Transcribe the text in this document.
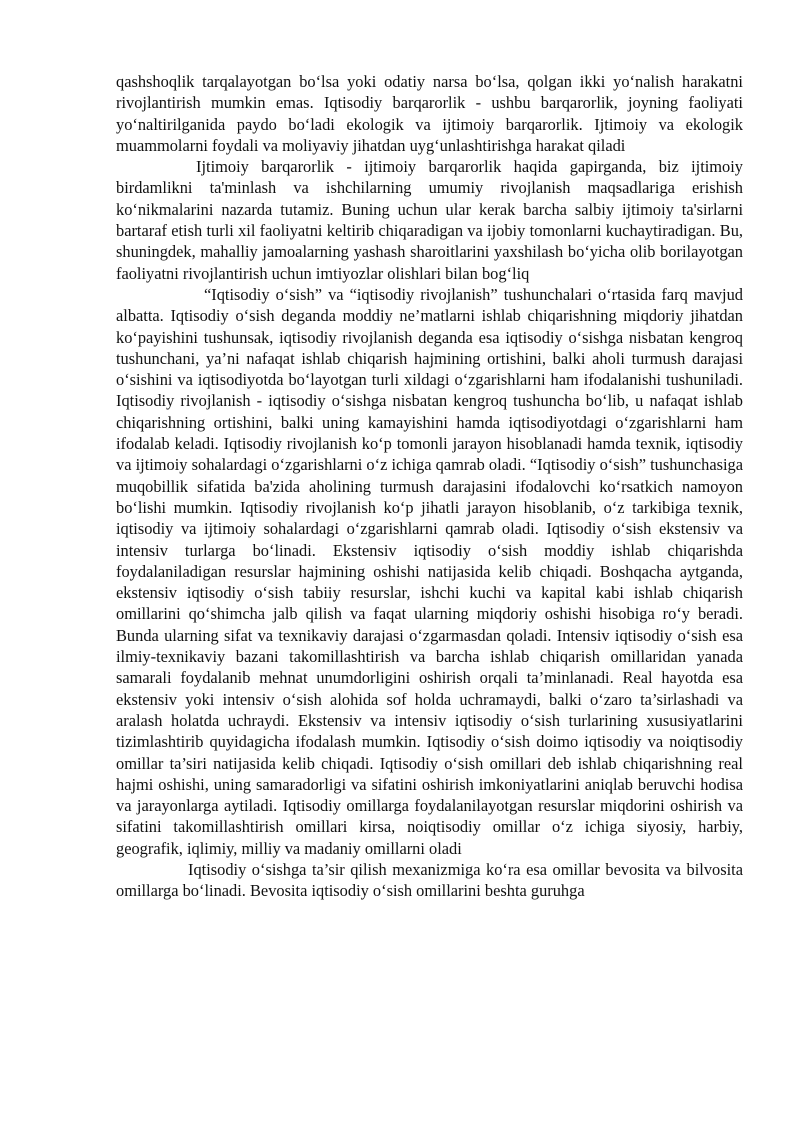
qashshoqlik tarqalayotgan bo‘lsa yoki odatiy narsa bo‘lsa, qolgan ikki yo‘nalish harakatni rivojlantirish mumkin emas. Iqtisodiy barqarorlik - ushbu barqarorlik, joyning faoliyati yo‘naltirilganida paydo bo‘ladi ekologik va ijtimoiy barqarorlik. Ijtimoiy va ekologik muammolarni foydali va moliyaviy jihatdan uyg‘unlashtirishga harakat qiladi

Ijtimoiy barqarorlik - ijtimoiy barqarorlik haqida gapirganda, biz ijtimoiy birdamlikni ta'minlash va ishchilarning umumiy rivojlanish maqsadlariga erishish ko‘nikmalarini nazarda tutamiz. Buning uchun ular kerak barcha salbiy ijtimoiy ta'sirlarni bartaraf etish turli xil faoliyatni keltirib chiqaradigan va ijobiy tomonlarni kuchaytiradigan. Bu, shuningdek, mahalliy jamoalarning yashash sharoitlarini yaxshilash bo‘yicha olib borilayotgan faoliyatni rivojlantirish uchun imtiyozlar olishlari bilan bog‘liq

“Iqtisodiy o‘sish” va “iqtisodiy rivojlanish” tushunchalari o‘rtasida farq mavjud albatta. Iqtisodiy o‘sish deganda moddiy ne’matlarni ishlab chiqarishning miqdoriy jihatdan ko‘payishini tushunsak, iqtisodiy rivojlanish deganda esa iqtisodiy o‘sishga nisbatan kengroq tushunchani, ya’ni nafaqat ishlab chiqarish hajmining ortishini, balki aholi turmush darajasi o‘sishini va iqtisodiyotda bo‘layotgan turli xildagi o‘zgarishlarni ham ifodalanishi tushuniladi. Iqtisodiy rivojlanish - iqtisodiy o‘sishga nisbatan kengroq tushuncha bo‘lib, u nafaqat ishlab chiqarishning ortishini, balki uning kamayishini hamda iqtisodiyotdagi o‘zgarishlarni ham ifodalab keladi. Iqtisodiy rivojlanish ko‘p tomonli jarayon hisoblanadi hamda texnik, iqtisodiy va ijtimoiy sohalardagi o‘zgarishlarni o‘z ichiga qamrab oladi. “Iqtisodiy o‘sish” tushunchasiga muqobillik sifatida ba'zida aholining turmush darajasini ifodalovchi ko‘rsatkich namoyon bo‘lishi mumkin. Iqtisodiy rivojlanish ko‘p jihatli jarayon hisoblanib, o‘z tarkibiga texnik, iqtisodiy va ijtimoiy sohalardagi o‘zgarishlarni qamrab oladi. Iqtisodiy o‘sish ekstensiv va intensiv turlarga bo‘linadi. Ekstensiv iqtisodiy o‘sish moddiy ishlab chiqarishda foydalaniladigan resurslar hajmining oshishi natijasida kelib chiqadi. Boshqacha aytganda, ekstensiv iqtisodiy o‘sish tabiiy resurslar, ishchi kuchi va kapital kabi ishlab chiqarish omillarini qo‘shimcha jalb qilish va faqat ularning miqdoriy oshishi hisobiga ro‘y beradi. Bunda ularning sifat va texnikaviy darajasi o‘zgarmasdan qoladi. Intensiv iqtisodiy o‘sish esa ilmiy-texnikaviy bazani takomillashtirish va barcha ishlab chiqarish omillaridan yanada samarali foydalanib mehnat unumdorligini oshirish orqali ta’minlanadi. Real hayotda esa ekstensiv yoki intensiv o‘sish alohida sof holda uchramaydi, balki o‘zaro ta’sirlashadi va aralash holatda uchraydi. Ekstensiv va intensiv iqtisodiy o‘sish turlarining xususiyatlarini tizimlashtirib quyidagicha ifodalash mumkin. Iqtisodiy o‘sish doimo iqtisodiy va noiqtisodiy omillar ta’siri natijasida kelib chiqadi. Iqtisodiy o‘sish omillari deb ishlab chiqarishning real hajmi oshishi, uning samaradorligi va sifatini oshirish imkoniyatlarini aniqlab beruvchi hodisa va jarayonlarga aytiladi. Iqtisodiy omillarga foydalanilayotgan resurslar miqdorini oshirish va sifatini takomillashtirish omillari kirsa, noiqtisodiy omillar o‘z ichiga siyosiy, harbiy, geografik, iqlimiy, milliy va madaniy omillarni oladi

Iqtisodiy o‘sishga ta’sir qilish mexanizmiga ko‘ra esa omillar bevosita va bilvosita omillarga bo‘linadi. Bevosita iqtisodiy o‘sish omillarini beshta guruhga
